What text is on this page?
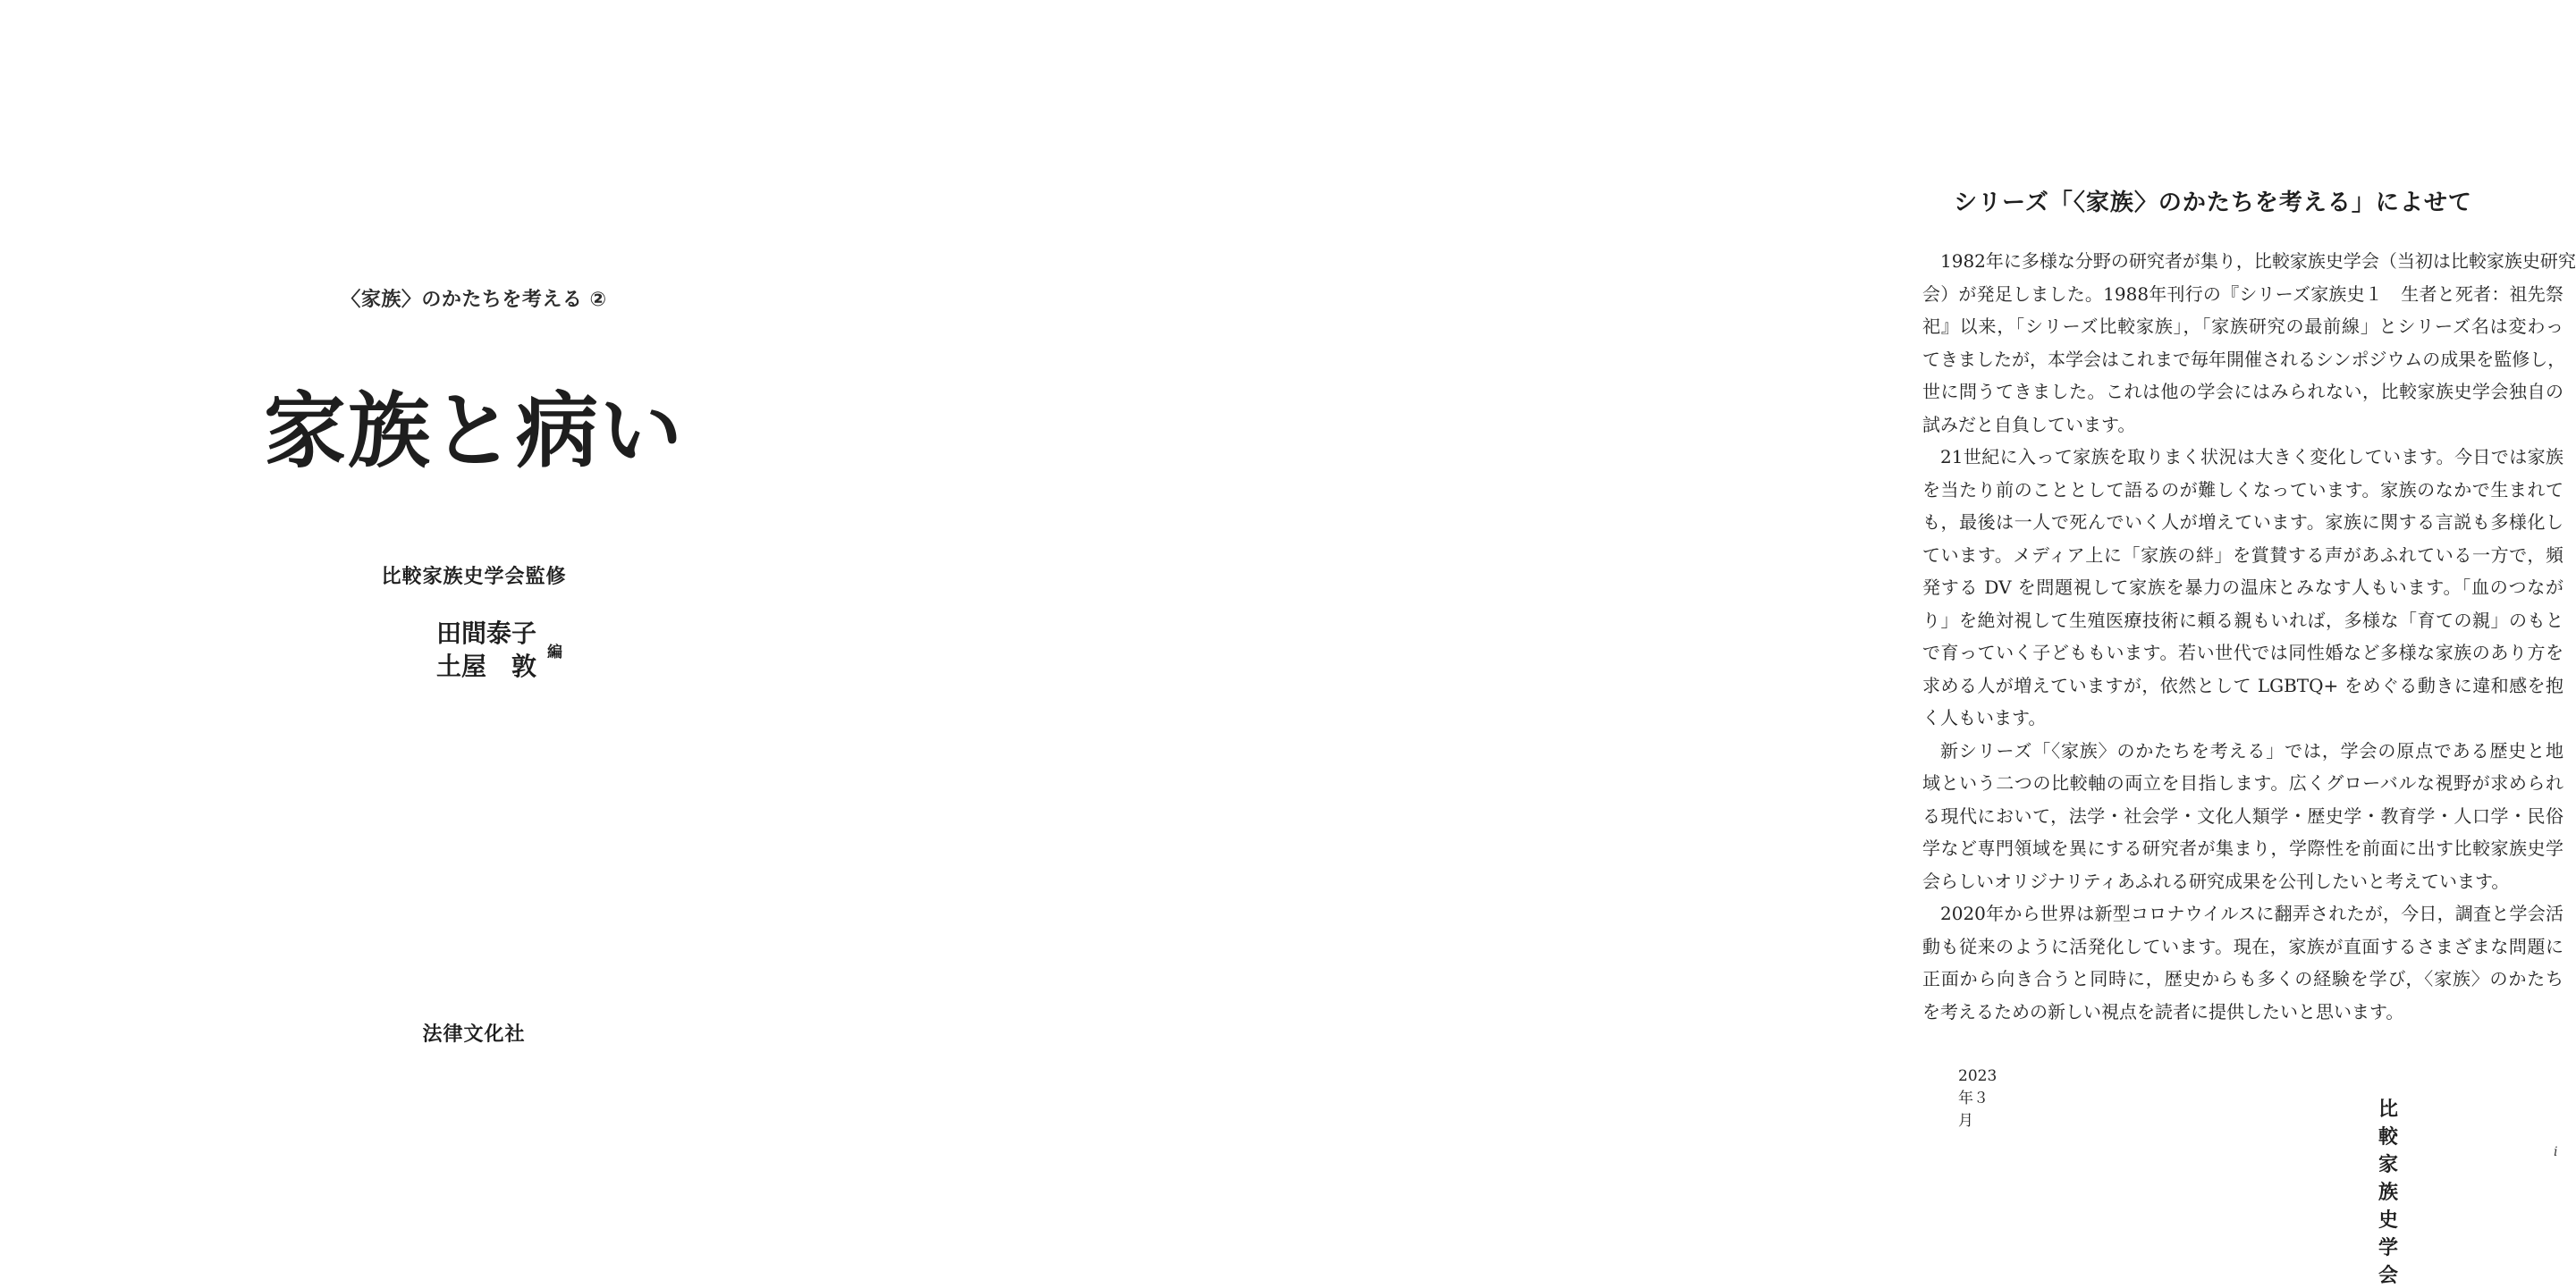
〈家族〉のかたちを考える ②
家族と病い
比較家族史学会監修
田間泰子
土屋　敦 編
法律文化社
シリーズ「〈家族〉のかたちを考える」によせて
1982年に多様な分野の研究者が集り，比較家族史学会（当初は比較家族史研究
会）が発足しました。1988年刊行の『シリーズ家族史１　生者と死者：祖先祭
祀』以来，「シリーズ比較家族」，「家族研究の最前線」とシリーズ名は変わっ
てきましたが，本学会はこれまで毎年開催されるシンポジウムの成果を監修し，
世に問うてきました。これは他の学会にはみられない，比較家族史学会独自の
試みだと自負しています。
21世紀に入って家族を取りまく状況は大きく変化しています。今日では家族
を当たり前のこととして語るのが難しくなっています。家族のなかで生まれて
も，最後は一人で死んでいく人が増えています。家族に関する言説も多様化し
ています。メディア上に「家族の絆」を賞賛する声があふれている一方で，頻
発する DV を問題視して家族を暴力の温床とみなす人もいます。「血のつなが
り」を絶対視して生殖医療技術に頼る親もいれば，多様な「育ての親」のもと
で育っていく子どももいます。若い世代では同性婚など多様な家族のあり方を
求める人が増えていますが，依然として LGBTQ+ をめぐる動きに違和感を抱
く人もいます。
新シリーズ「〈家族〉のかたちを考える」では，学会の原点である歴史と地
域という二つの比較軸の両立を目指します。広くグローバルな視野が求められ
る現代において，法学・社会学・文化人類学・歴史学・教育学・人口学・民俗
学など専門領域を異にする研究者が集まり，学際性を前面に出す比較家族史学
会らしいオリジナリティあふれる研究成果を公刊したいと考えています。
2020年から世界は新型コロナウイルスに翻弄されたが，今日，調査と学会活
動も従来のように活発化しています。現在，家族が直面するさまざまな問題に
正面から向き合うと同時に，歴史からも多くの経験を学び，〈家族〉のかたち
を考えるための新しい視点を読者に提供したいと思います。
2023年３月	比較家族史学会
i
